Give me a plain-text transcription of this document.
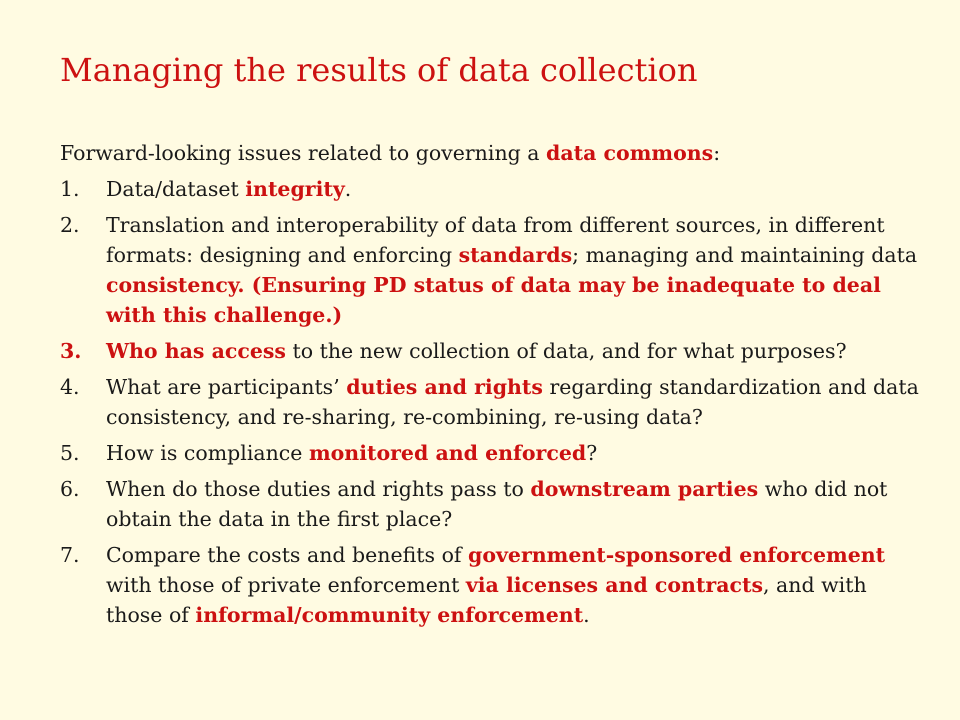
Managing the results of data collection

Forward-looking issues related to governing a data commons:

1. Data/dataset integrity.
2. Translation and interoperability of data from different sources, in different formats: designing and enforcing standards; managing and maintaining data consistency. (Ensuring PD status of data may be inadequate to deal with this challenge.)
3. Who has access to the new collection of data, and for what purposes?
4. What are participants’ duties and rights regarding standardization and data consistency, and re-sharing, re-combining, re-using data?
5. How is compliance monitored and enforced?
6. When do those duties and rights pass to downstream parties who did not obtain the data in the first place?
7. Compare the costs and benefits of government-sponsored enforcement with those of private enforcement via licenses and contracts, and with those of informal/community enforcement.
